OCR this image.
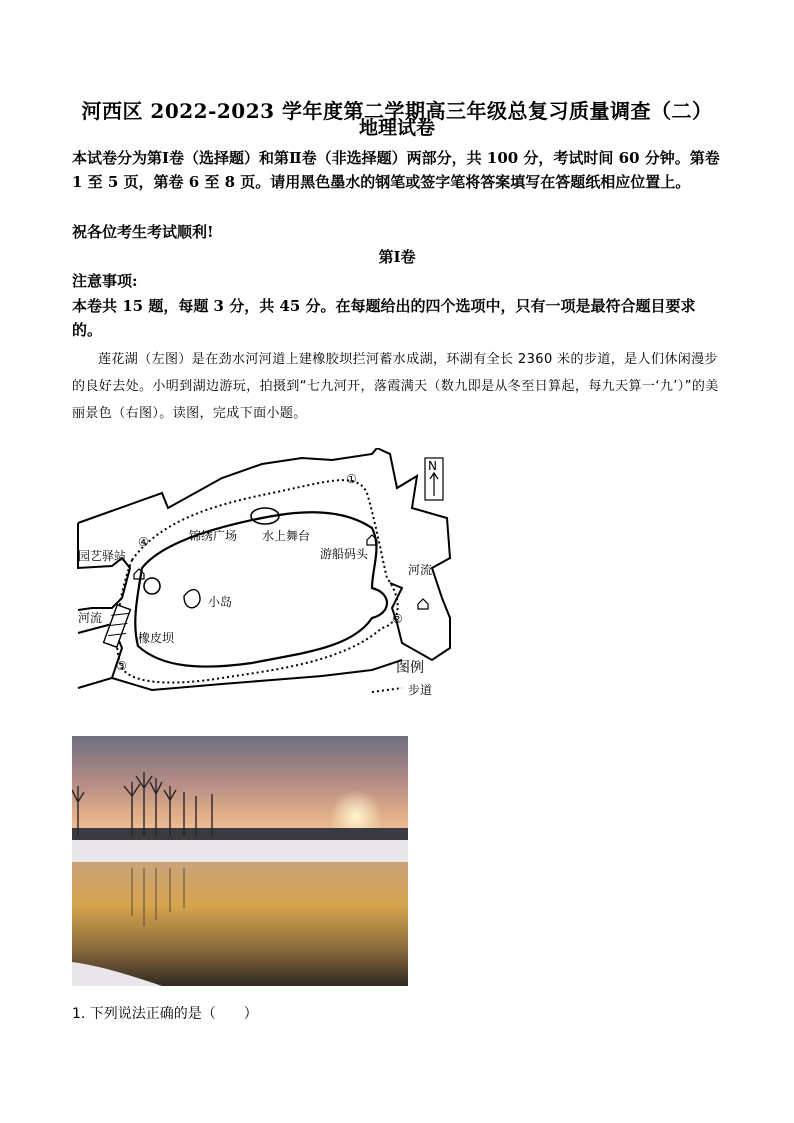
河西区 2022-2023 学年度第二学期高三年级总复习质量调查（二）
地理试卷
本试卷分为第Ⅰ卷（选择题）和第Ⅱ卷（非选择题）两部分，共 100 分，考试时间 60 分钟。第卷 1 至 5 页，第卷 6 至 8 页。请用黑色墨水的钢笔或签字笔将答案填写在答题纸相应位置上。
祝各位考生考试顺利!
第Ⅰ卷
注意事项:
本卷共 15 题，每题 3 分，共 45 分。在每题给出的四个选项中，只有一项是最符合题目要求的。
莲花湖（左图）是在劲水河河道上建橡胶坝拦河蓄水成湖，环湖有全长 2360 米的步道，是人们休闲漫步的良好去处。小明到湖边游玩，拍摄到“七九河开，落霞满天（数九即是从冬至日算起，每九天算一‘九’）”的美丽景色（右图）。读图，完成下面小题。
N
①
②
③
④	锦绣广场 水上舞台
游船码头
园艺驿站
小岛
河流
河流
橡皮坝
图例
步道
1. 下列说法正确的是（　　）
